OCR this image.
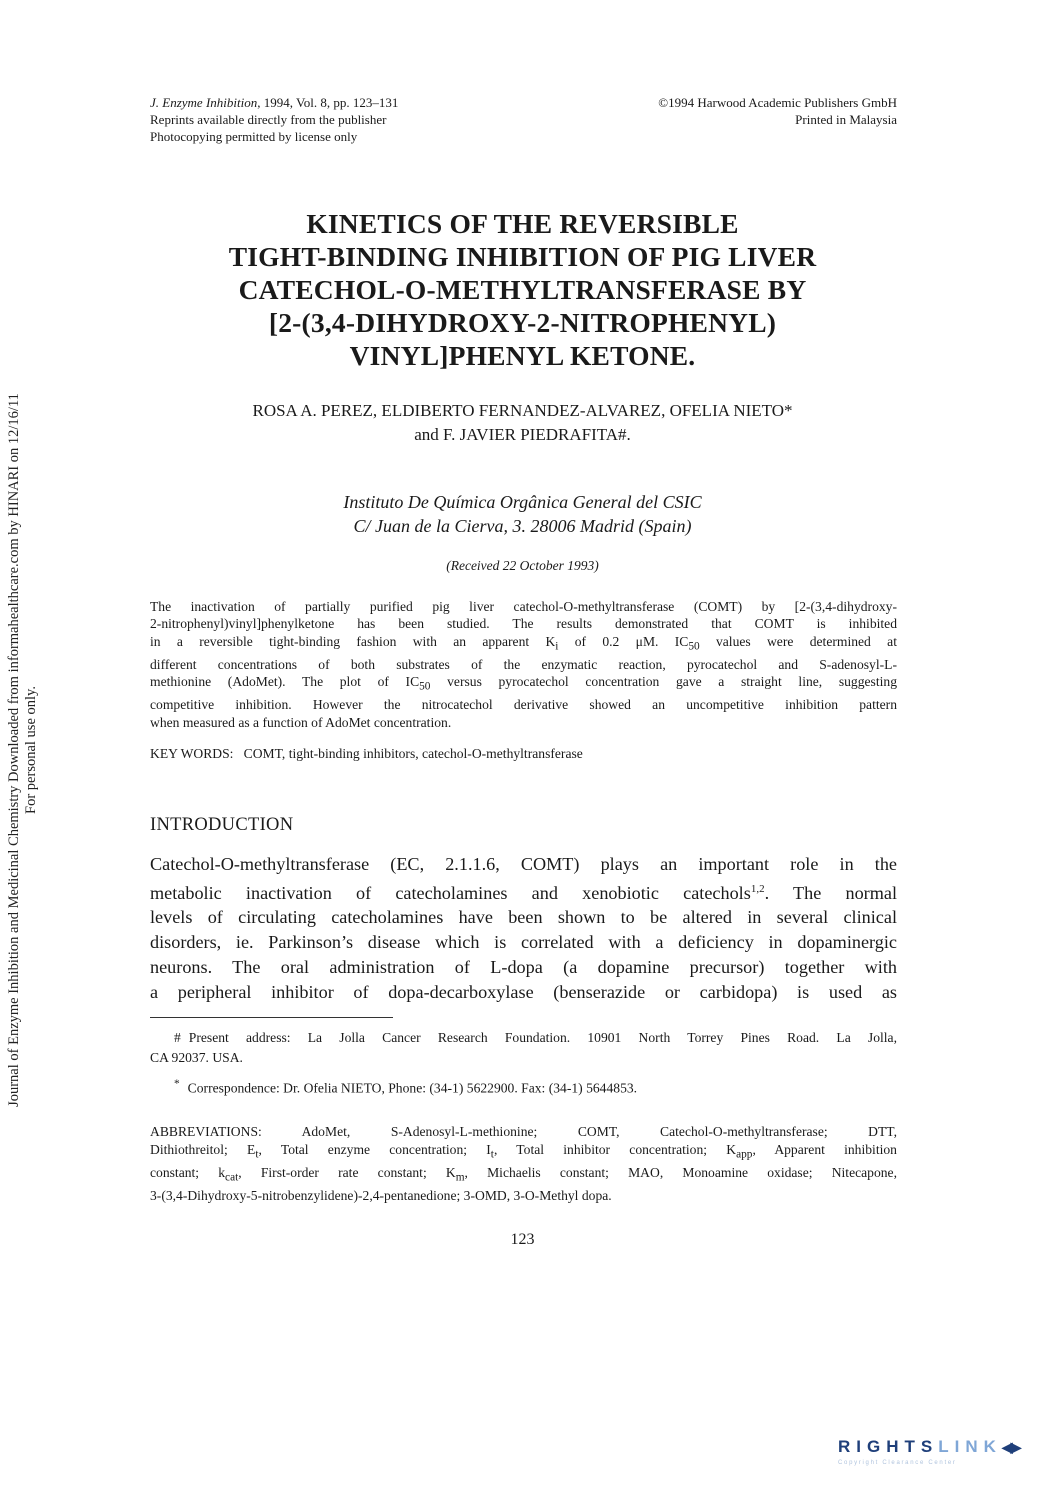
Journal of Enzyme Inhibition and Medicinal Chemistry Downloaded from informahealthcare.com by HINARI on 12/16/11 For personal use only.
J. Enzyme Inhibition, 1994, Vol. 8, pp. 123–131
Reprints available directly from the publisher
Photocopying permitted by license only
©1994 Harwood Academic Publishers GmbH
Printed in Malaysia
KINETICS OF THE REVERSIBLE
TIGHT-BINDING INHIBITION OF PIG LIVER
CATECHOL-O-METHYLTRANSFERASE BY
[2-(3,4-DIHYDROXY-2-NITROPHENYL)
VINYL]PHENYL KETONE.
ROSA A. PEREZ, ELDIBERTO FERNANDEZ-ALVAREZ, OFELIA NIETO*
and F. JAVIER PIEDRAFITA#.
Instituto De Química Orgânica General del CSIC
C/ Juan de la Cierva, 3. 28006 Madrid (Spain)
(Received 22 October 1993)
The inactivation of partially purified pig liver catechol-O-methyltransferase (COMT) by [2-(3,4-dihydroxy-
2-nitrophenyl)vinyl]phenylketone has been studied. The results demonstrated that COMT is inhibited
in a reversible tight-binding fashion with an apparent $K_i$ of 0.2 μM. $IC_{50}$ values were determined at
different concentrations of both substrates of the enzymatic reaction, pyrocatechol and S-adenosyl-L-
methionine (AdoMet). The plot of $IC_{50}$ versus pyrocatechol concentration gave a straight line, suggesting
competitive inhibition. However the nitrocatechol derivative showed an uncompetitive inhibition pattern
when measured as a function of AdoMet concentration.
KEY WORDS: COMT, tight-binding inhibitors, catechol-O-methyltransferase
INTRODUCTION
Catechol-O-methyltransferase (EC, 2.1.1.6, COMT) plays an important role in the
metabolic inactivation of catecholamines and xenobiotic catechols$^{1,2}$. The normal
levels of circulating catecholamines have been shown to be altered in several clinical
disorders, ie. Parkinson’s disease which is correlated with a deficiency in dopaminergic
neurons. The oral administration of L-dopa (a dopamine precursor) together with
a peripheral inhibitor of dopa-decarboxylase (benserazide or carbidopa) is used as
# Present address: La Jolla Cancer Research Foundation. 10901 North Torrey Pines Road. La Jolla,
CA 92037. USA.
* Correspondence: Dr. Ofelia NIETO, Phone: (34-1) 5622900. Fax: (34-1) 5644853.
ABBREVIATIONS: AdoMet, S-Adenosyl-L-methionine; COMT, Catechol-O-methyltransferase; DTT,
Dithiothreitol; $E_t$, Total enzyme concentration; $I_t$, Total inhibitor concentration; $K_{app}$, Apparent inhibition
constant; $k_{cat}$, First-order rate constant; $K_m$, Michaelis constant; MAO, Monoamine oxidase; Nitecapone,
3-(3,4-Dihydroxy-5-nitrobenzylidene)-2,4-pentanedione; 3-OMD, 3-O-Methyl dopa.
123
RIGHTSLINK◀▶
Copyright Clearance Center
